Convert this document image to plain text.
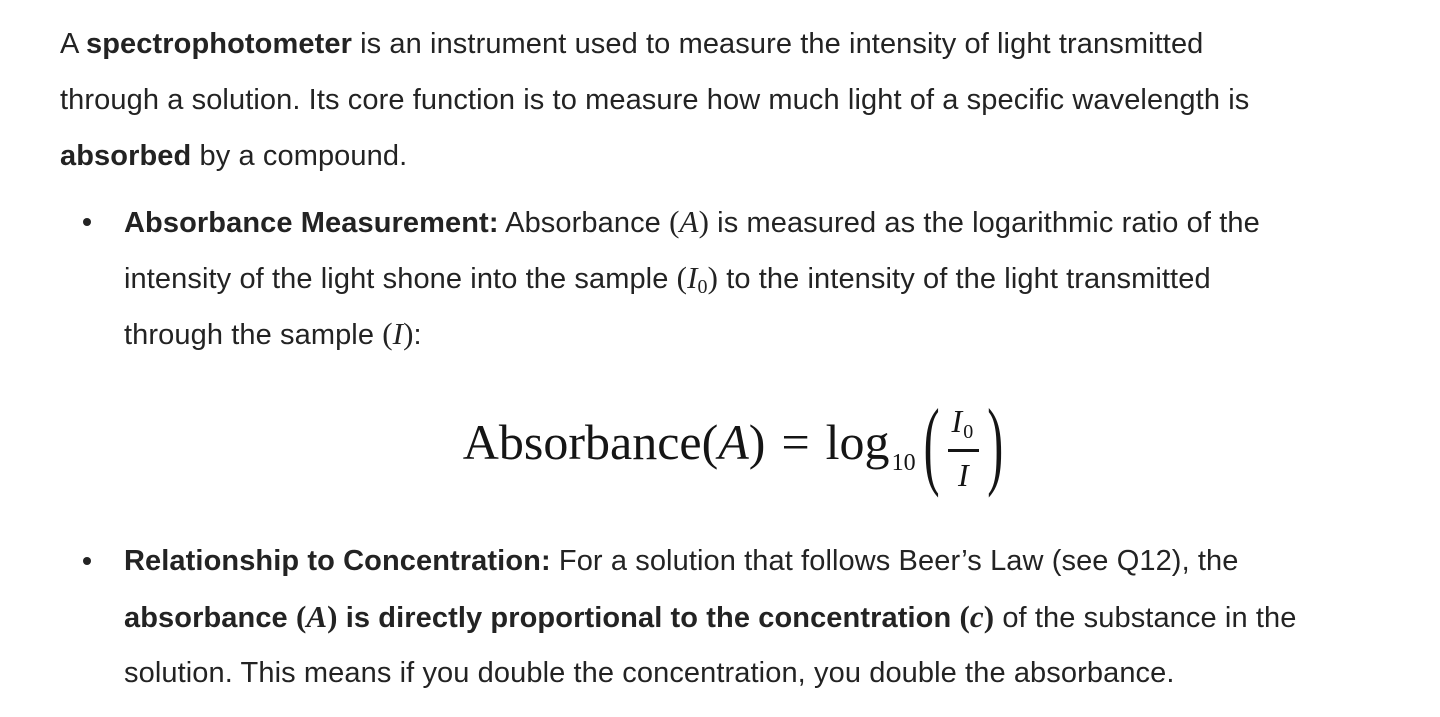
A spectrophotometer is an instrument used to measure the intensity of light transmitted
through a solution. Its core function is to measure how much light of a specific wavelength is
absorbed by a compound.
Absorbance Measurement: Absorbance (A) is measured as the logarithmic ratio of the
intensity of the light shone into the sample (I0) to the intensity of the light transmitted
through the sample (I):
Absorbance(A) = $\log_{10}$ ( $\frac{I0}{I}$ )
Relationship to Concentration: For a solution that follows Beer’s Law (see Q12), the
absorbance (A) is directly proportional to the concentration (c) of the substance in the
solution. This means if you double the concentration, you double the absorbance.
